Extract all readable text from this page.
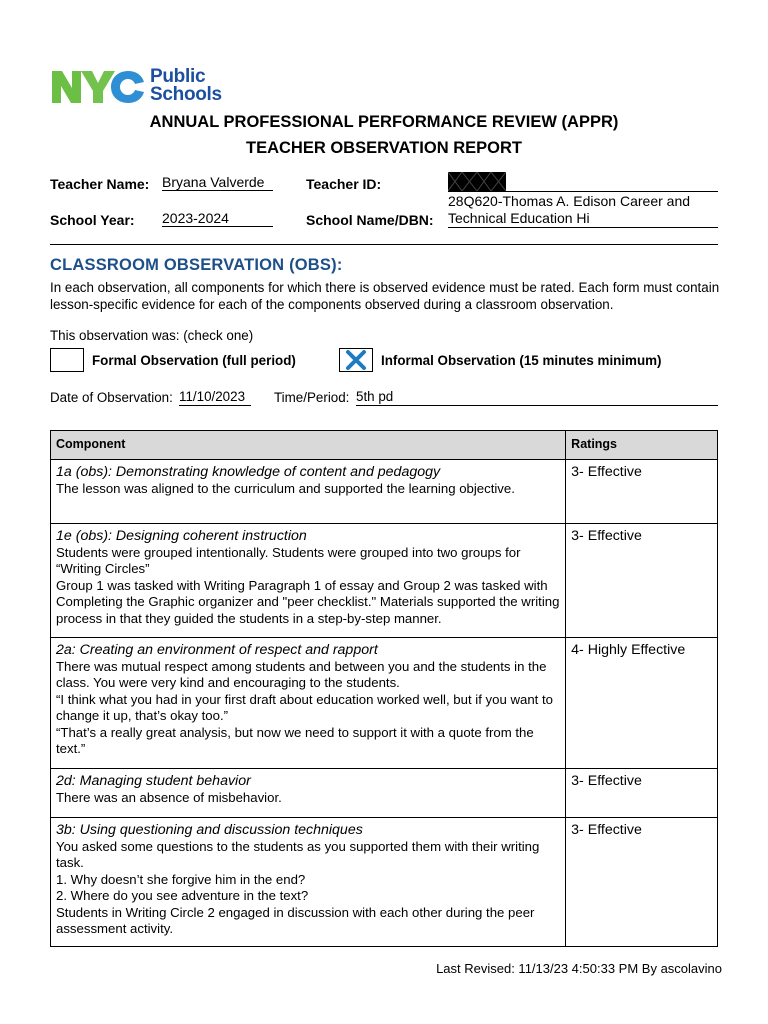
Public
Schools
ANNUAL PROFESSIONAL PERFORMANCE REVIEW (APPR)
TEACHER OBSERVATION REPORT
Teacher Name: Bryana Valverde	Teacher ID:
School Year: 2023-2024	School Name/DBN:
28Q620-Thomas A. Edison Career and Technical Education Hi
CLASSROOM OBSERVATION (OBS):
In each observation, all components for which there is observed evidence must be rated. Each form must contain lesson-specific evidence for each of the components observed during a classroom observation.
This observation was: (check one)
Formal Observation (full period)	Informal Observation (15 minutes minimum)
Date of Observation: 11/10/2023	Time/Period: 5th pd
Component	Ratings

1a (obs): Demonstrating knowledge of content and pedagogy
The lesson was aligned to the curriculum and supported the learning objective.	3- Effective

1e (obs): Designing coherent instruction
Students were grouped intentionally. Students were grouped into two groups for “Writing Circles”
Group 1 was tasked with Writing Paragraph 1 of essay and Group 2 was tasked with Completing the Graphic organizer and "peer checklist." Materials supported the writing process in that they guided the students in a step-by-step manner.	3- Effective

2a: Creating an environment of respect and rapport
There was mutual respect among students and between you and the students in the class. You were very kind and encouraging to the students.
“I think what you had in your first draft about education worked well, but if you want to change it up, that’s okay too.”
“That’s a really great analysis, but now we need to support it with a quote from the text.”	4- Highly Effective

2d: Managing student behavior
There was an absence of misbehavior.	3- Effective

3b: Using questioning and discussion techniques
You asked some questions to the students as you supported them with their writing task.
1. Why doesn’t she forgive him in the end?
2. Where do you see adventure in the text?
Students in Writing Circle 2 engaged in discussion with each other during the peer assessment activity.	3- Effective
Last Revised: 11/13/23 4:50:33 PM By ascolavino
